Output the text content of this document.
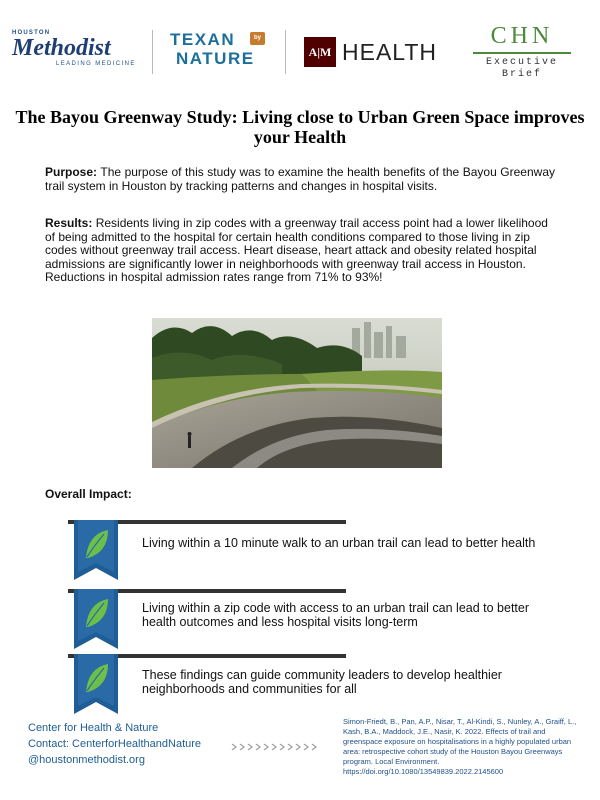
HOUSTON
Methodist
LEADING MEDICINE
TEXAN	by
NATURE	A|M HEALTH
CHN
Executive
Brief
The Bayou Greenway Study: Living close to Urban Green Space improves your Health
Purpose: The purpose of this study was to examine the health benefits of the Bayou Greenway trail system in Houston by tracking patterns and changes in hospital visits.
Results: Residents living in zip codes with a greenway trail access point had a lower likelihood of being admitted to the hospital for certain health conditions compared to those living in zip codes without greenway trail access. Heart disease, heart attack and obesity related hospital admissions are significantly lower in neighborhoods with greenway trail access in Houston. Reductions in hospital admission rates range from 71% to 93%!
Overall Impact:
Living within a 10 minute walk to an urban trail can lead to better health
Living within a zip code with access to an urban trail can lead to better health outcomes and less hospital visits long-term
These findings can guide community leaders to develop healthier neighborhoods and communities for all
Center for Health & Nature
Contact: CenterforHealthandNature
@houstonmethodist.org
Simon-Friedt, B., Pan, A.P., Nisar, T., Al-Kindi, S., Nunley, A., Graiff, L., Kash, B.A., Maddock, J.E., Nasir, K. 2022. Effects of trail and greenspace exposure on hospitalisations in a highly populated urban area: retrospective cohort study of the Houston Bayou Greenways program. Local Environment. https://doi.org/10.1080/13549839.2022.2145600
